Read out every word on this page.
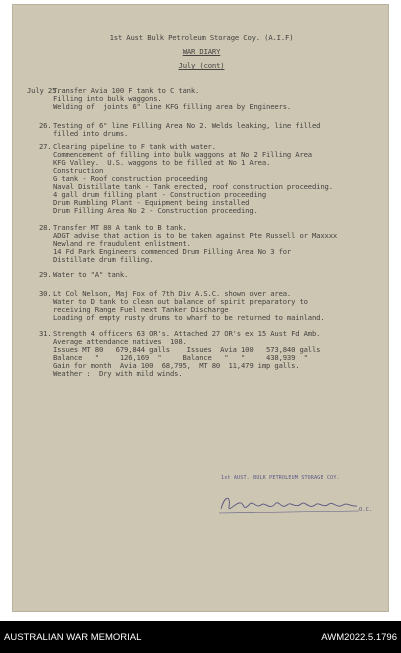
1st Aust Bulk Petroleum Storage Coy. (A.I.F)
WAR DIARY
July (cont)
July 25.
Transfer Avia 100 F tank to C tank.
Filling into bulk waggons.
Welding of  joints 6" line KFG filling area by Engineers.
26. Testing of 6" line Filling Area No 2. Welds leaking, line filled
filled into drums.
27. Clearing pipeline to F tank with water.
Commencement of filling into bulk waggons at No 2 Filling Area
KFG Valley.  U.S. waggons to be filled at No 1 Area.
Construction
G tank - Roof construction proceeding
Naval Distillate tank - Tank erected, roof construction proceeding.
4 gall drum filling plant - Construction proceeding
Drum Rumbling Plant - Equipment being installed
Drum Filling Area No 2 - Construction proceeding.
28. Transfer MT 80 A tank to B tank.
ADGT advise that action is to be taken against Pte Russell or Maxxxx
Newland re fraudulent enlistment.
14 Fd Park Engineers commenced Drum Filling Area No 3 for
Distillate drum filling.
29. Water to "A" tank.
30. Lt Col Nelson, Maj Fox of 7th Div A.S.C. shown over area.
Water to D tank to clean out balance of spirit preparatory to
receiving Range Fuel next Tanker Discharge
Loading of empty rusty drums to wharf to be returned to mainland.
31. Strength 4 officers 63 OR's. Attached 27 OR's ex 15 Aust Fd Amb.
Average attendance natives  108.
Issues MT 80   679,844 galls    Issues  Avia 100   573,840 galls
Balance   "     126,169  "     Balance   "   "     438,939  "
Gain for month  Avia 100  68,795,  MT 80  11,479 imp galls.
Weather :  Dry with mild winds.
1st AUST. BULK PETROLEUM STORAGE COY.
O.C.
AUSTRALIAN WAR MEMORIAL	AWM2022.5.1796
